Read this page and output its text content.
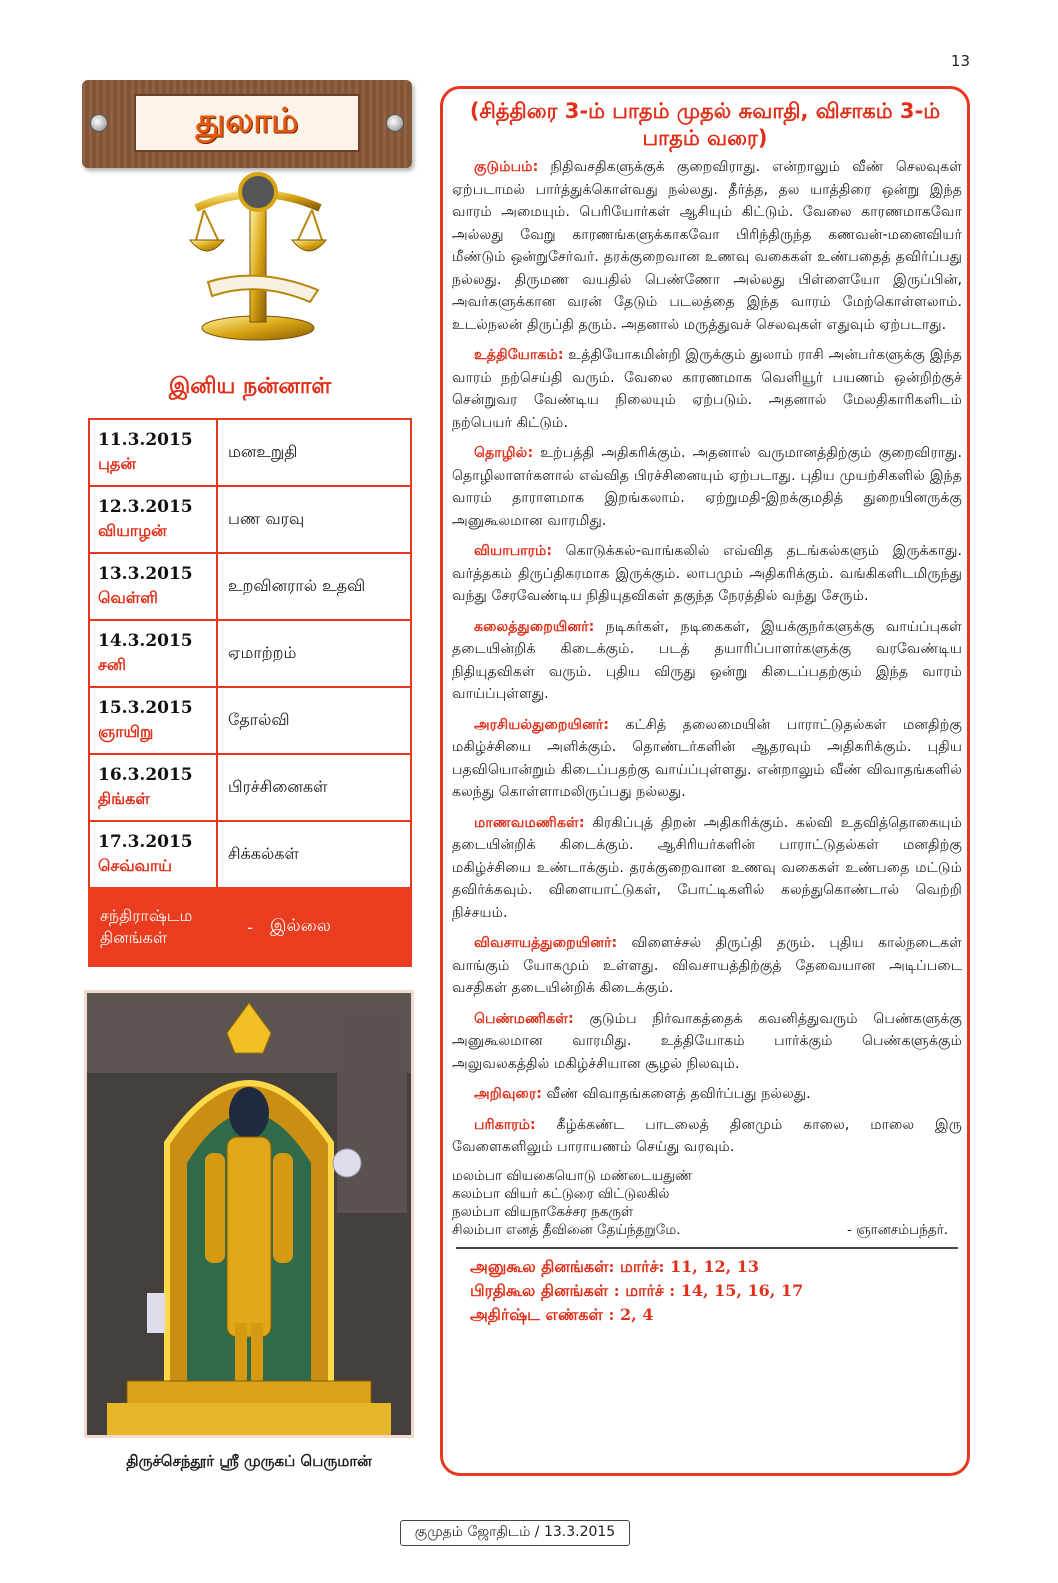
13
துலாம்
இனிய நன்னாள்
11.3.2015
புதன்	மனஉறுதி

12.3.2015
வியாழன்	பண வரவு

13.3.2015
வெள்ளி	உறவினரால் உதவி

14.3.2015
சனி	ஏமாற்றம்

15.3.2015
ஞாயிறு	தோல்வி

16.3.2015
திங்கள்	பிரச்சினைகள்

17.3.2015
செவ்வாய்	சிக்கல்கள்
சந்திராஷ்டம தினங்கள்
-	இல்லை
திருச்செந்தூர் ஸ்ரீ முருகப் பெருமான்
(சித்திரை 3-ம் பாதம் முதல் சுவாதி, விசாகம் 3-ம் பாதம் வரை)

குடும்பம்: நிதிவசதிகளுக்குக் குறைவிராது. என்றாலும் வீண் செலவுகள் ஏற்படாமல் பார்த்துக்கொள்வது நல்லது. தீர்த்த, தல யாத்திரை ஒன்று இந்த வாரம் அமையும். பெரியோர்கள் ஆசியும் கிட்டும். வேலை காரணமாகவோ அல்லது வேறு காரணங்களுக்காகவோ பிரிந்திருந்த கணவன்-மனைவியர் மீண்டும் ஒன்றுசேர்வர். தரக்குறைவான உணவு வகைகள் உண்பதைத் தவிர்ப்பது நல்லது. திருமண வயதில் பெண்ணோ அல்லது பிள்ளையோ இருப்பின், அவர்களுக்கான வரன் தேடும் படலத்தை இந்த வாரம் மேற்கொள்ளலாம். உடல்நலன் திருப்தி தரும். அதனால் மருத்துவச் செலவுகள் எதுவும் ஏற்படாது.

உத்தியோகம்: உத்தியோகமின்றி இருக்கும் துலாம் ராசி அன்பர்களுக்கு இந்த வாரம் நற்செய்தி வரும். வேலை காரணமாக வெளியூர் பயணம் ஒன்றிற்குச் சென்றுவர வேண்டிய நிலையும் ஏற்படும். அதனால் மேலதிகாரிகளிடம் நற்பெயர் கிட்டும்.

தொழில்: உற்பத்தி அதிகரிக்கும். அதனால் வருமானத்திற்கும் குறைவிராது. தொழிலாளர்களால் எவ்வித பிரச்சினையும் ஏற்படாது. புதிய முயற்சிகளில் இந்த வாரம் தாராளமாக இறங்கலாம். ஏற்றுமதி-இறக்குமதித் துறையினருக்கு அனுகூலமான வாரமிது.

வியாபாரம்: கொடுக்கல்-வாங்கலில் எவ்வித தடங்கல்களும் இருக்காது. வர்த்தகம் திருப்திகரமாக இருக்கும். லாபமும் அதிகரிக்கும். வங்கிகளிடமிருந்து வந்து சேரவேண்டிய நிதியுதவிகள் தகுந்த நேரத்தில் வந்து சேரும்.

கலைத்துறையினர்: நடிகர்கள், நடிகைகள், இயக்குநர்களுக்கு வாய்ப்புகள் தடையின்றிக் கிடைக்கும். படத் தயாரிப்பாளர்களுக்கு வரவேண்டிய நிதியுதவிகள் வரும். புதிய விருது ஒன்று கிடைப்பதற்கும் இந்த வாரம் வாய்ப்புள்ளது.

அரசியல்துறையினர்: கட்சித் தலைமையின் பாராட்டுதல்கள் மனதிற்கு மகிழ்ச்சியை அளிக்கும். தொண்டர்களின் ஆதரவும் அதிகரிக்கும். புதிய பதவியொன்றும் கிடைப்பதற்கு வாய்ப்புள்ளது. என்றாலும் வீண் விவாதங்களில் கலந்து கொள்ளாமலிருப்பது நல்லது.

மாணவமணிகள்: கிரகிப்புத் திறன் அதிகரிக்கும். கல்வி உதவித்தொகையும் தடையின்றிக் கிடைக்கும். ஆசிரியர்களின் பாராட்டுதல்கள் மனதிற்கு மகிழ்ச்சியை உண்டாக்கும். தரக்குறைவான உணவு வகைகள் உண்பதை மட்டும் தவிர்க்கவும். விளையாட்டுகள், போட்டிகளில் கலந்துகொண்டால் வெற்றி நிச்சயம்.

விவசாயத்துறையினர்: விளைச்சல் திருப்தி தரும். புதிய கால்நடைகள் வாங்கும் யோகமும் உள்ளது. விவசாயத்திற்குத் தேவையான அடிப்படை வசதிகள் தடையின்றிக் கிடைக்கும்.

பெண்மணிகள்: குடும்ப நிர்வாகத்தைக் கவனித்துவரும் பெண்களுக்கு அனுகூலமான வாரமிது. உத்தியோகம் பார்க்கும் பெண்களுக்கும் அலுவலகத்தில் மகிழ்ச்சியான சூழல் நிலவும்.

அறிவுரை: வீண் விவாதங்களைத் தவிர்ப்பது நல்லது.

பரிகாரம்: கீழ்க்கண்ட பாடலைத் தினமும் காலை, மாலை இரு வேளைகளிலும் பாராயணம் செய்து வரவும்.

மலம்பா வியகையொடு மண்டையதுண்
கலம்பா வியர் கட்டுரை விட்டுலகில்
நலம்பா வியநாகேச்சர நகருள்
சிலம்பா எனத் தீவினை தேய்ந்தறுமே.	- ஞானசம்பந்தர்.
அனுகூல தினங்கள்: மார்ச்: 11, 12, 13
பிரதிகூல தினங்கள் : மார்ச் : 14, 15, 16, 17
அதிர்ஷ்ட எண்கள் : 2, 4
குமுதம் ஜோதிடம் / 13.3.2015
